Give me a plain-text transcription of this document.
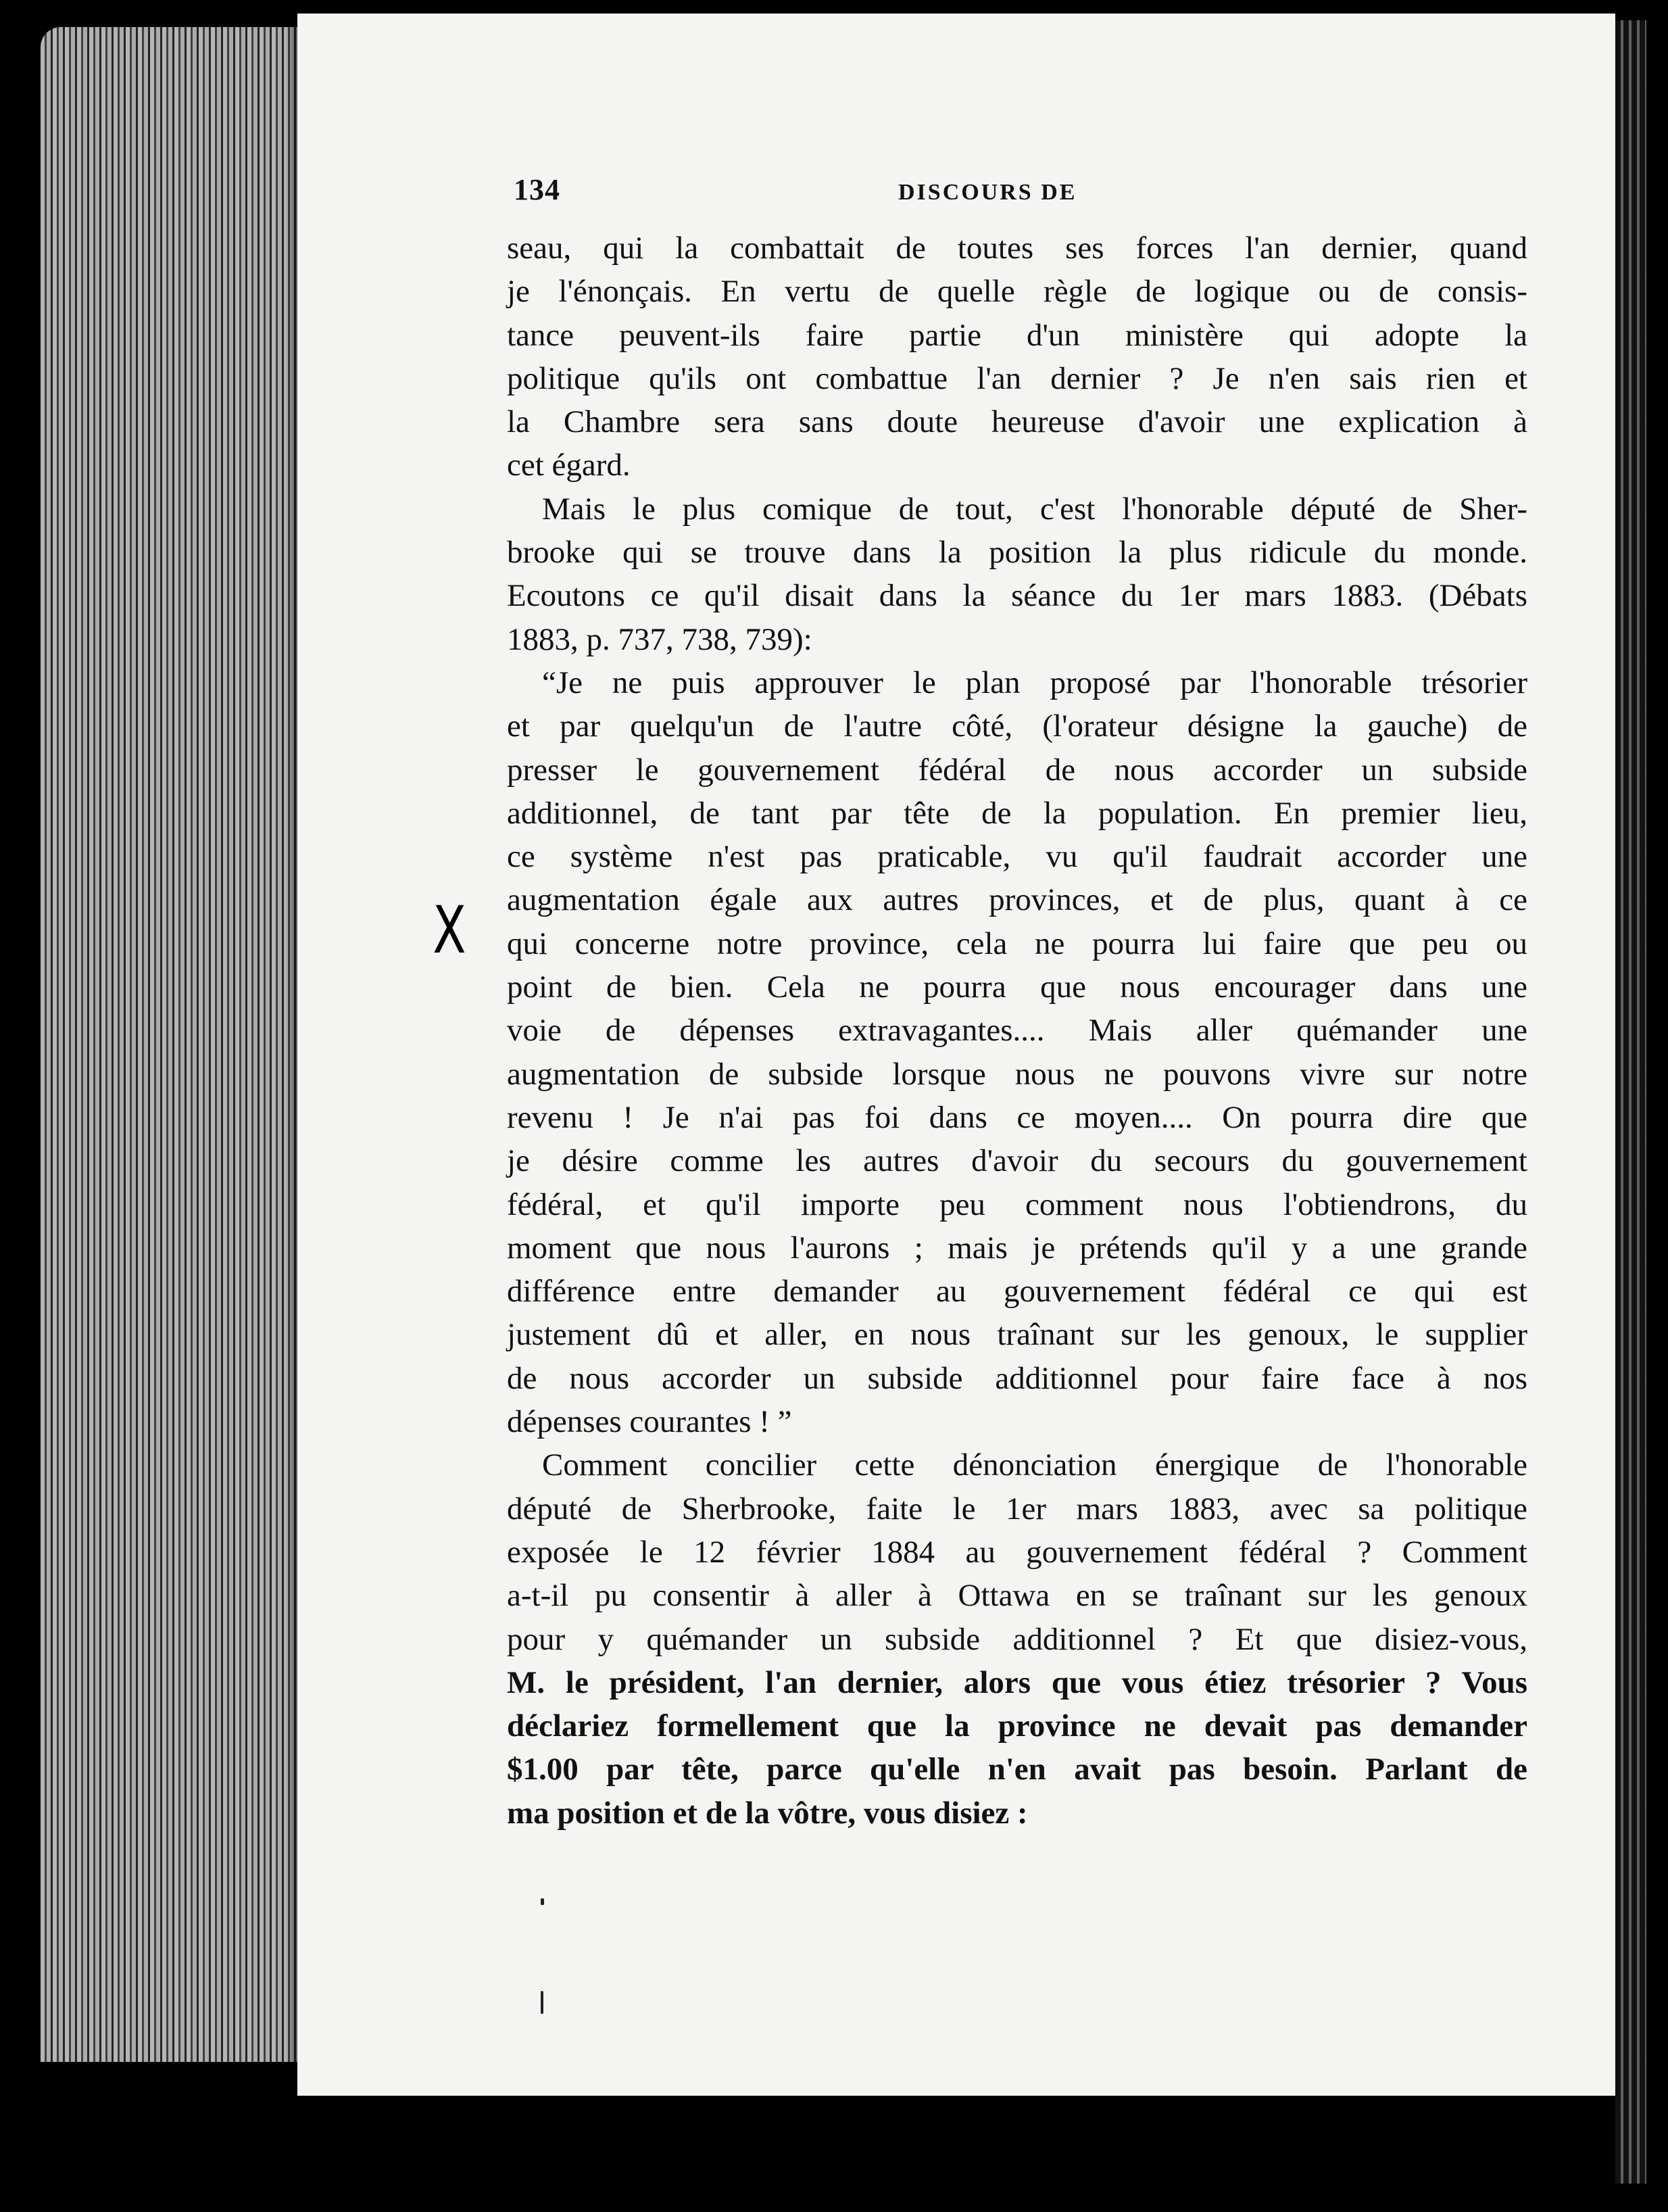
X
134	DISCOURS DE
seau, qui la combattait de toutes ses forces l'an dernier, quand
je l'énonçais. En vertu de quelle règle de logique ou de consis-
tance peuvent-ils faire partie d'un ministère qui adopte la
politique qu'ils ont combattue l'an dernier ? Je n'en sais rien et
la Chambre sera sans doute heureuse d'avoir une explication à
cet égard.
Mais le plus comique de tout, c'est l'honorable député de Sher-
brooke qui se trouve dans la position la plus ridicule du monde.
Ecoutons ce qu'il disait dans la séance du 1er mars 1883. (Débats
1883, p. 737, 738, 739):
“Je ne puis approuver le plan proposé par l'honorable trésorier
et par quelqu'un de l'autre côté, (l'orateur désigne la gauche) de
presser le gouvernement fédéral de nous accorder un subside
additionnel, de tant par tête de la population. En premier lieu,
ce système n'est pas praticable, vu qu'il faudrait accorder une
augmentation égale aux autres provinces, et de plus, quant à ce
qui concerne notre province, cela ne pourra lui faire que peu ou
point de bien. Cela ne pourra que nous encourager dans une
voie de dépenses extravagantes.... Mais aller quémander une
augmentation de subside lorsque nous ne pouvons vivre sur notre
revenu ! Je n'ai pas foi dans ce moyen.... On pourra dire que
je désire comme les autres d'avoir du secours du gouvernement
fédéral, et qu'il importe peu comment nous l'obtiendrons, du
moment que nous l'aurons ; mais je prétends qu'il y a une grande
différence entre demander au gouvernement fédéral ce qui est
justement dû et aller, en nous traînant sur les genoux, le supplier
de nous accorder un subside additionnel pour faire face à nos
dépenses courantes ! ”
Comment concilier cette dénonciation énergique de l'honorable
député de Sherbrooke, faite le 1er mars 1883, avec sa politique
exposée le 12 février 1884 au gouvernement fédéral ? Comment
a-t-il pu consentir à aller à Ottawa en se traînant sur les genoux
pour y quémander un subside additionnel ? Et que disiez-vous,
M. le président, l'an dernier, alors que vous étiez trésorier ? Vous
déclariez formellement que la province ne devait pas demander
$1.00 par tête, parce qu'elle n'en avait pas besoin. Parlant de
ma position et de la vôtre, vous disiez :
